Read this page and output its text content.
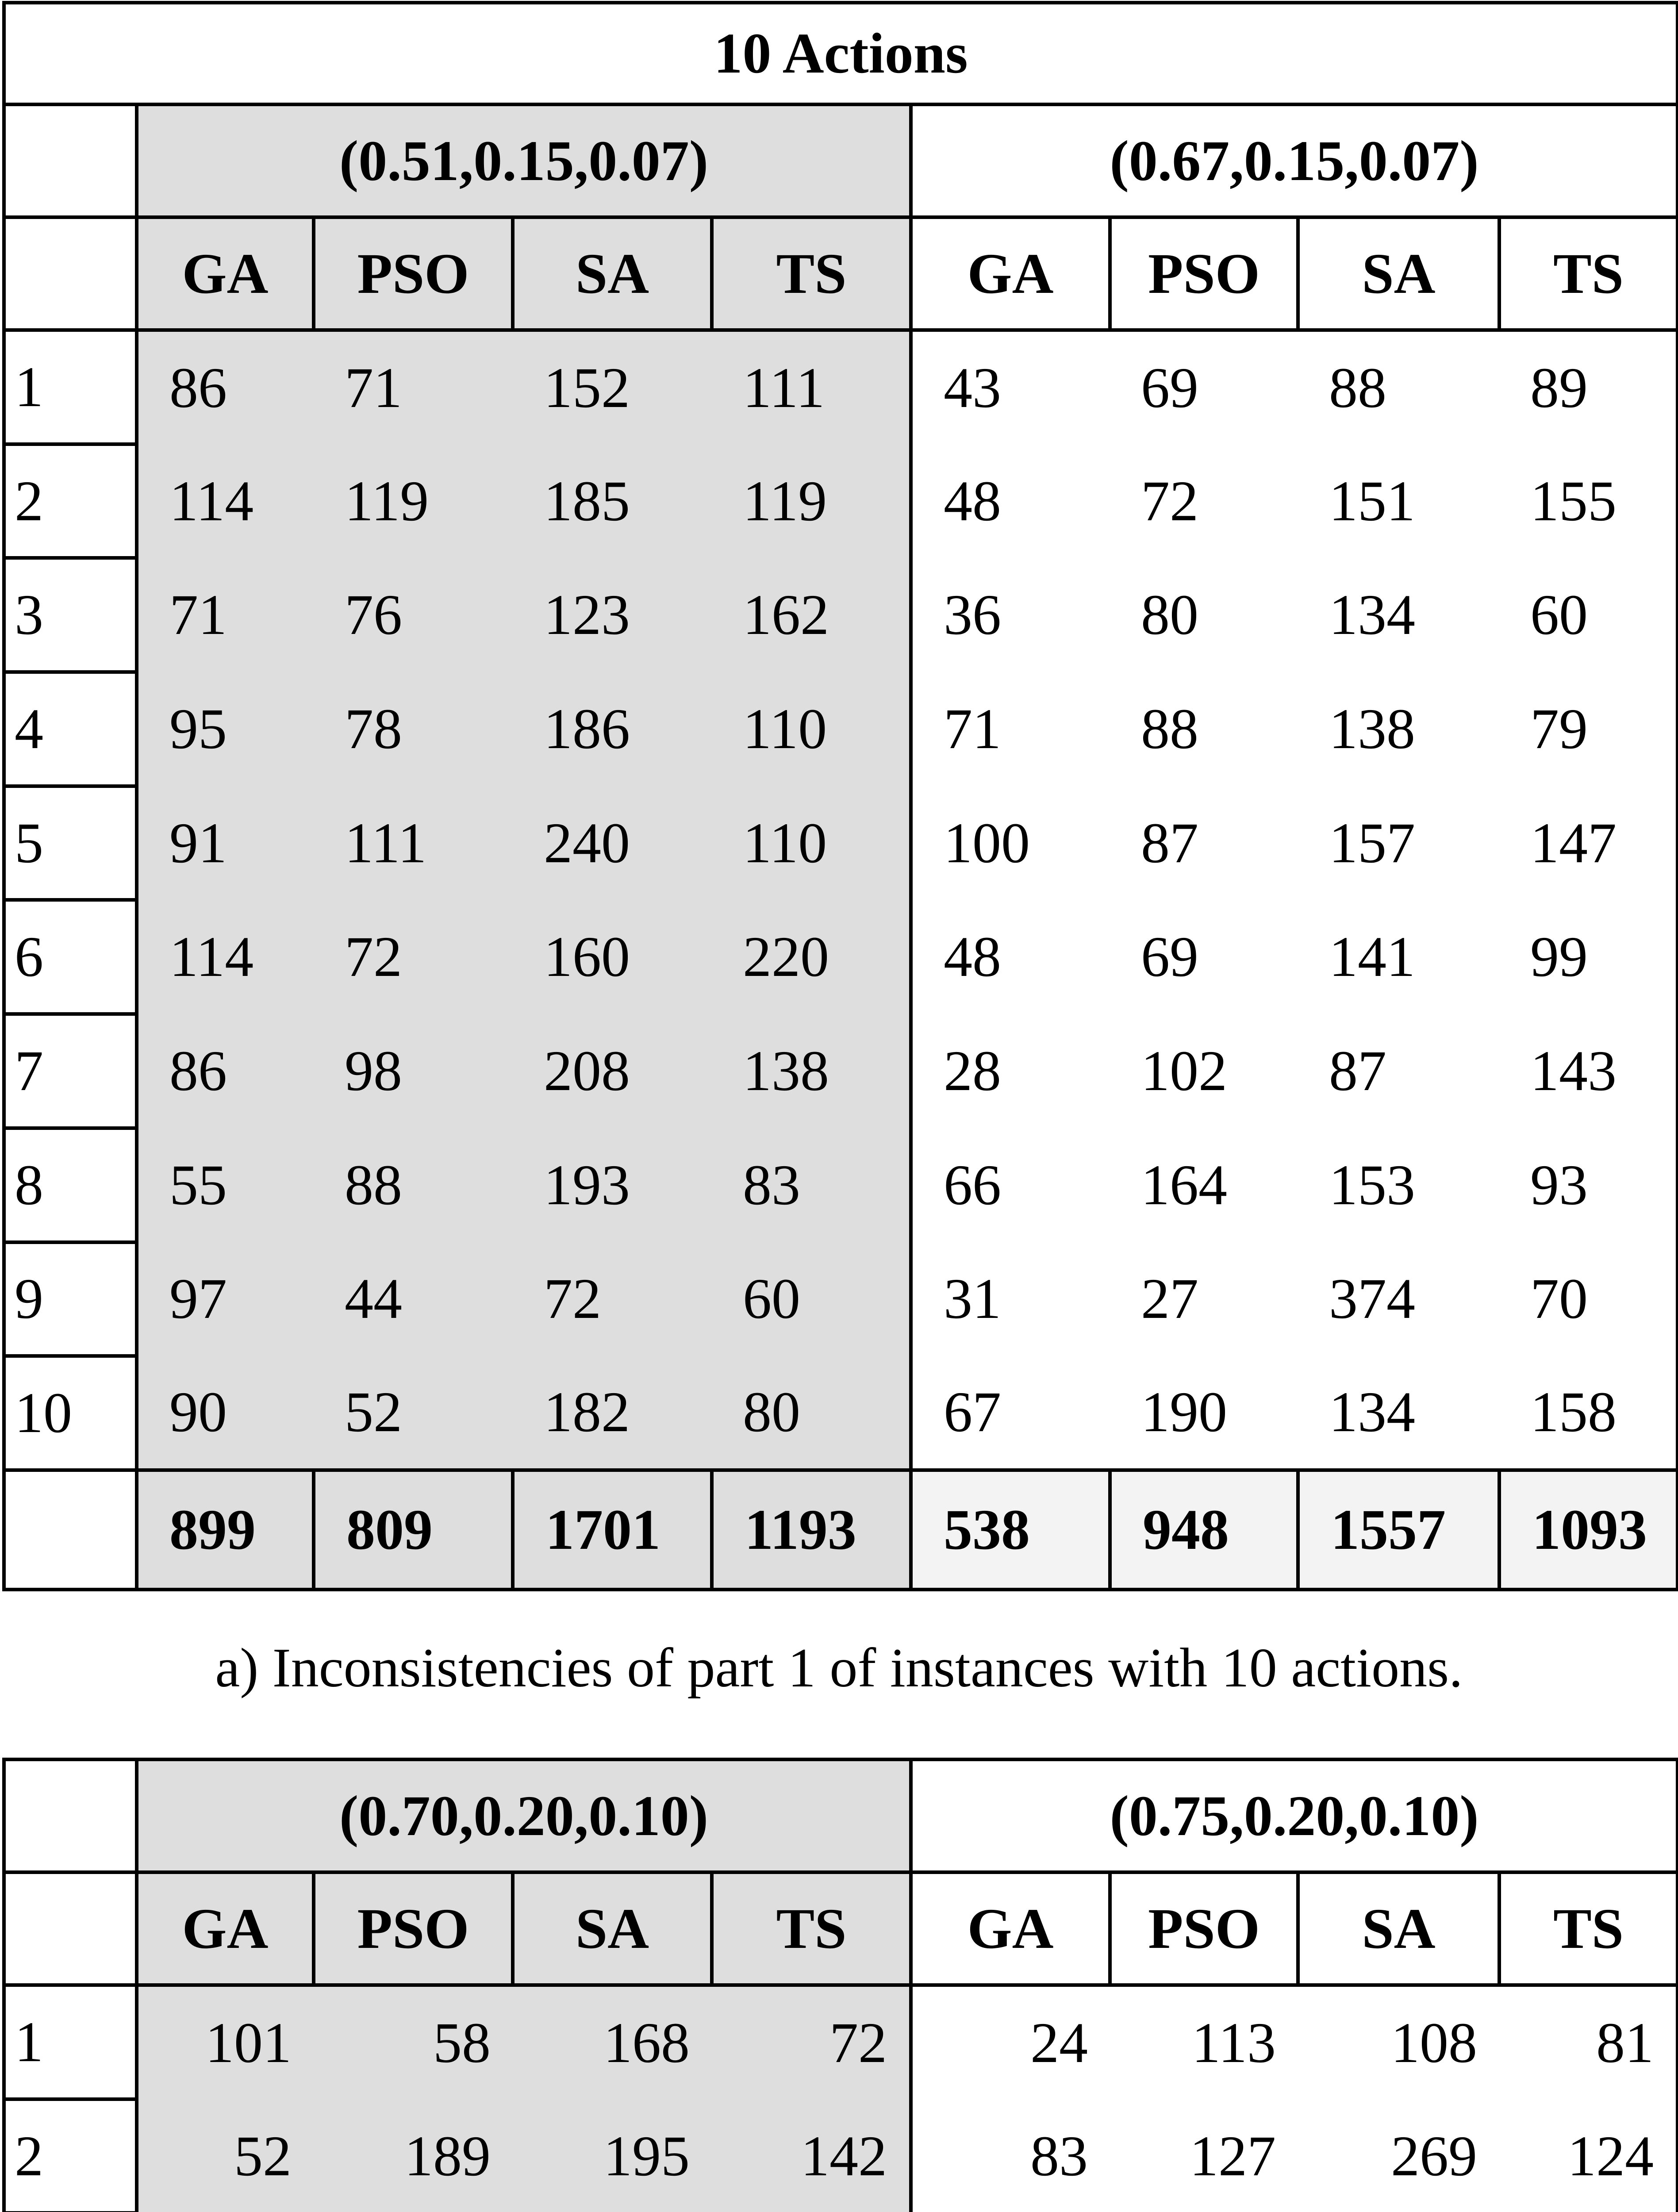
10 Actions								
	(0.51,0.15,0.07)				(0.67,0.15,0.07)			
	GA	PSO	SA	TS	GA	PSO	SA	TS
1	86	71	152	111	43	69	88	89
2	114	119	185	119	48	72	151	155
3	71	76	123	162	36	80	134	60
4	95	78	186	110	71	88	138	79
5	91	111	240	110	100	87	157	147
6	114	72	160	220	48	69	141	99
7	86	98	208	138	28	102	87	143
8	55	88	193	83	66	164	153	93
9	97	44	72	60	31	27	374	70
10	90	52	182	80	67	190	134	158
	899	809	1701	1193	538	948	1557	1093
a) Inconsistencies of part 1 of instances with 10 actions.
	(0.70,0.20,0.10)				(0.75,0.20,0.10)			
	GA	PSO	SA	TS	GA	PSO	SA	TS
1	101	58	168	72	24	113	108	81
2	52	189	195	142	83	127	269	124
